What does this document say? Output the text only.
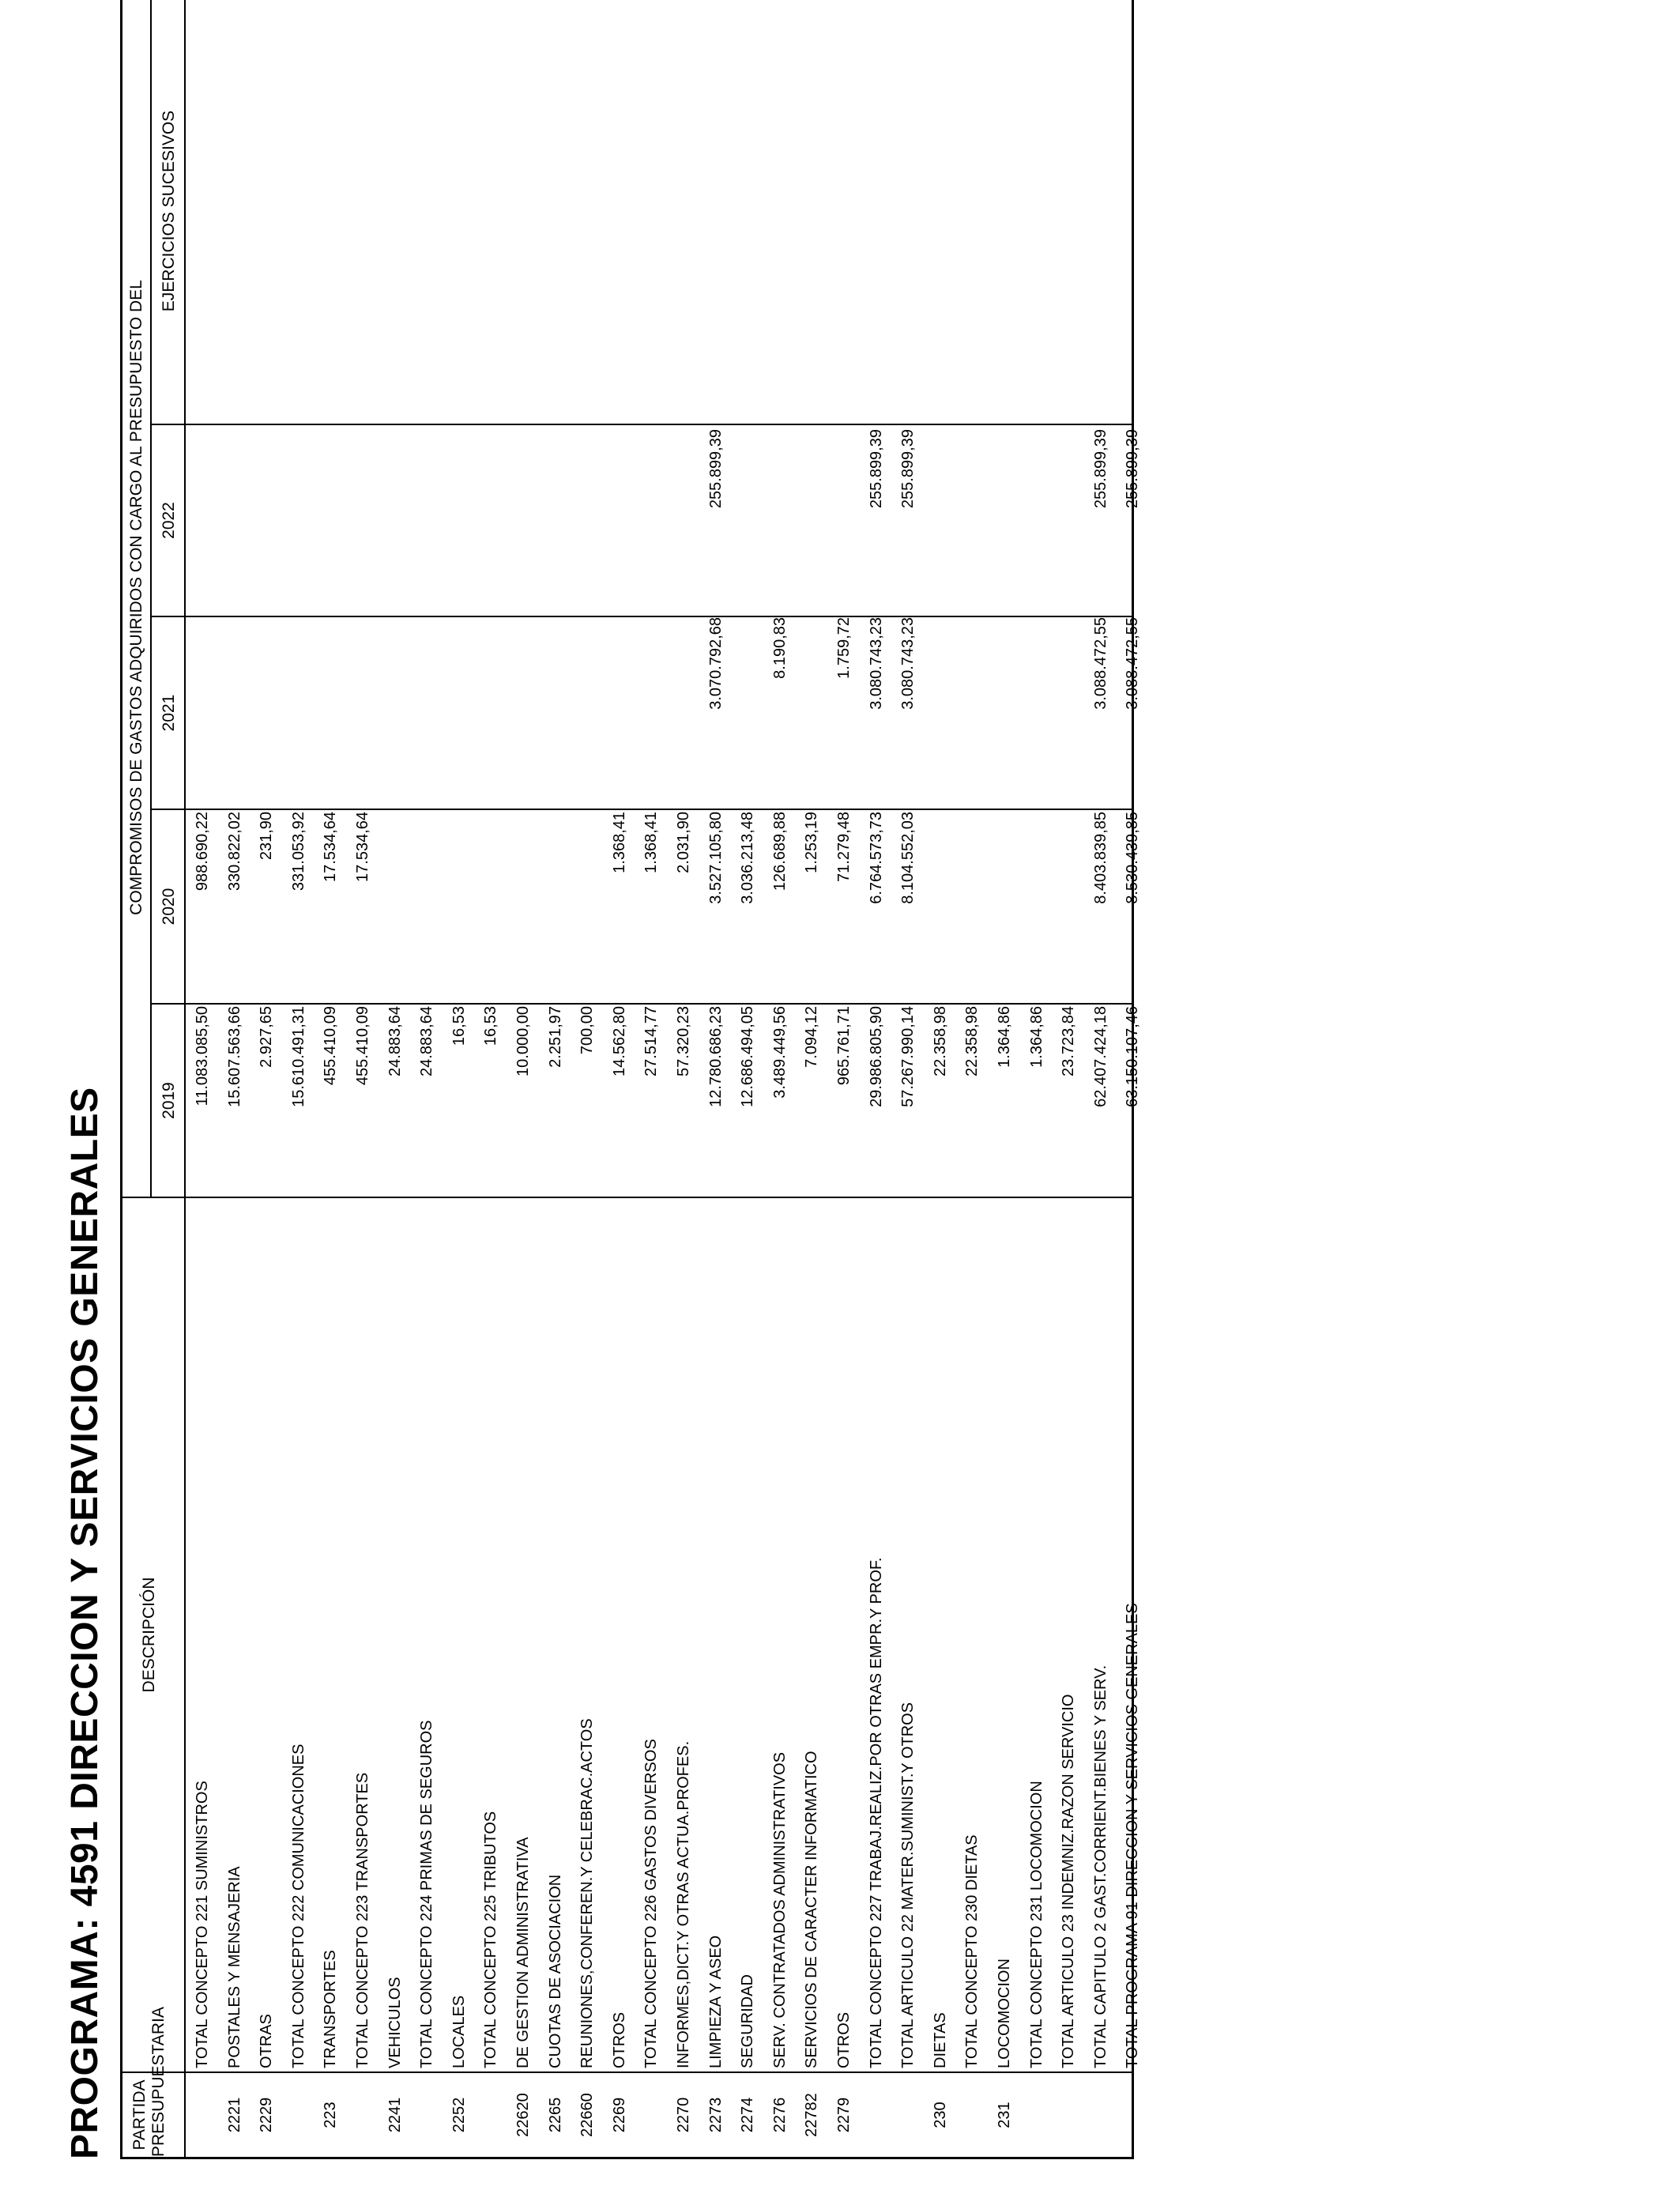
PROGRAMA: 4591 DIRECCION Y SERVICIOS GENERALES PARTIDA PRESUPUESTARIA
DESCRIPCIÓN
COMPROMISOS DE GASTOS ADQUIRIDOS CON CARGO AL PRESUPUESTO DEL
2019
2020
2021
2022
EJERCICIOS SUCESIVOS
TOTAL CONCEPTO 221 SUMINISTROS
11.083.085,50
988.690,22
2221
POSTALES Y MENSAJERIA
15.607.563,66
330.822,02
2229
OTRAS
2.927,65
231,90
TOTAL CONCEPTO 222 COMUNICACIONES
15.610.491,31
331.053,92
223
TRANSPORTES
455.410,09
17.534,64
TOTAL CONCEPTO 223 TRANSPORTES
455.410,09
17.534,64
2241
VEHICULOS
24.883,64
TOTAL CONCEPTO 224 PRIMAS DE SEGUROS
24.883,64
2252
LOCALES
16,53
TOTAL CONCEPTO 225 TRIBUTOS
16,53
22620
DE GESTION ADMINISTRATIVA
10.000,00
2265
CUOTAS DE ASOCIACION
2.251,97
22660
REUNIONES,CONFEREN.Y CELEBRAC.ACTOS
700,00
2269
OTROS
14.562,80
1.368,41
TOTAL CONCEPTO 226 GASTOS DIVERSOS
27.514,77
1.368,41
2270
INFORMES,DICT.Y OTRAS ACTUA.PROFES.
57.320,23
2.031,90
2273
LIMPIEZA Y ASEO
12.780.686,23
3.527.105,80
3.070.792,68
255.899,39
2274
SEGURIDAD
12.686.494,05
3.036.213,48
2276
SERV. CONTRATADOS ADMINISTRATIVOS
3.489.449,56
126.689,88
8.190,83
22782
SERVICIOS DE CARACTER INFORMATICO
7.094,12
1.253,19
2279
OTROS
965.761,71
71.279,48
1.759,72
TOTAL CONCEPTO 227 TRABAJ.REALIZ.POR OTRAS EMPR.Y PROF.
29.986.805,90
6.764.573,73
3.080.743,23
255.899,39
TOTAL ARTICULO 22 MATER.SUMINIST.Y OTROS
57.267.990,14
8.104.552,03
3.080.743,23
255.899,39
230
DIETAS
22.358,98
TOTAL CONCEPTO 230 DIETAS
22.358,98
231
LOCOMOCION
1.364,86
TOTAL CONCEPTO 231 LOCOMOCION
1.364,86
TOTAL ARTICULO 23 INDEMNIZ.RAZON SERVICIO
23.723,84
TOTAL CAPITULO 2 GAST.CORRIENT.BIENES Y SERV.
62.407.424,18
8.403.839,85
3.088.472,55
255.899,39
TOTAL PROGRAMA 91 DIRECCION Y SERVICIOS GENERALES
63.150.107,46
8.530.439,85
3.088.472,55
255.899,39
